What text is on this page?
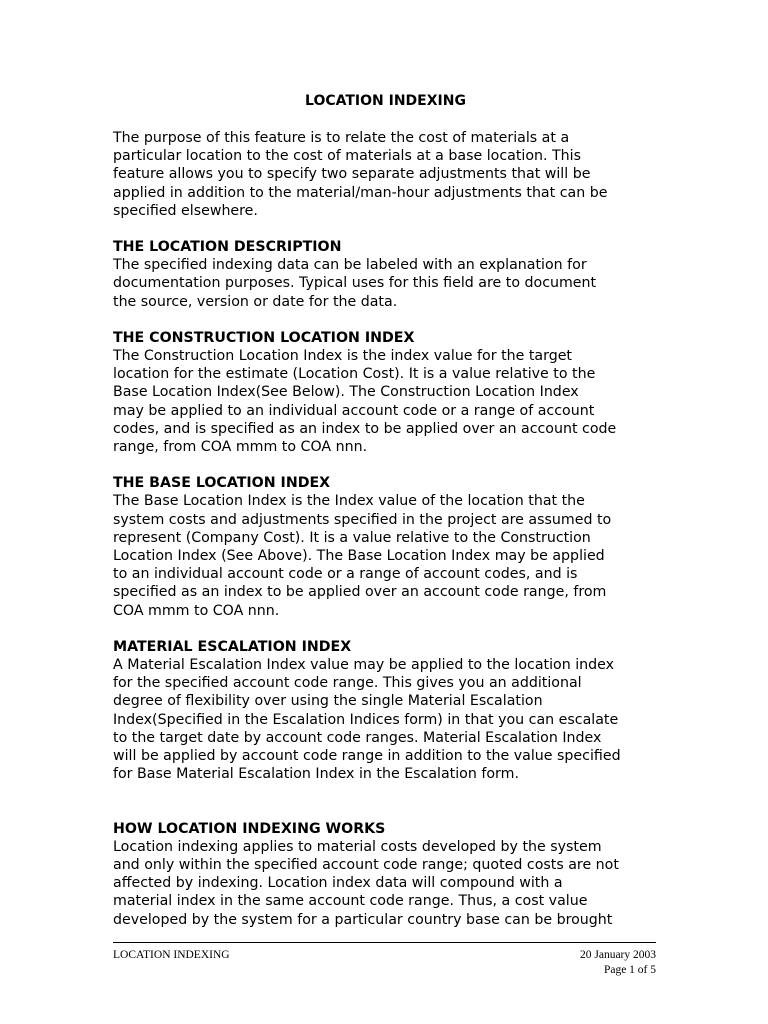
LOCATION INDEXING
The purpose of this feature is to relate the cost of materials at a
particular location to the cost of materials at a base location. This
feature allows you to specify two separate adjustments that will be
applied in addition to the material/man-hour adjustments that can be
specified elsewhere.
THE LOCATION DESCRIPTION
The specified indexing data can be labeled with an explanation for
documentation purposes. Typical uses for this field are to document
the source, version or date for the data.
THE CONSTRUCTION LOCATION INDEX
The Construction Location Index is the index value for the target
location for the estimate (Location Cost). It is a value relative to the
Base Location Index(See Below). The Construction Location Index
may be applied to an individual account code or a range of account
codes, and is specified as an index to be applied over an account code
range, from COA mmm to COA nnn.
THE BASE LOCATION INDEX
The Base Location Index is the Index value of the location that the
system costs and adjustments specified in the project are assumed to
represent (Company Cost). It is a value relative to the Construction
Location Index (See Above). The Base Location Index may be applied
to an individual account code or a range of account codes, and is
specified as an index to be applied over an account code range, from
COA mmm to COA nnn.
MATERIAL ESCALATION INDEX
A Material Escalation Index value may be applied to the location index
for the specified account code range. This gives you an additional
degree of flexibility over using the single Material Escalation
Index(Specified in the Escalation Indices form) in that you can escalate
to the target date by account code ranges. Material Escalation Index
will be applied by account code range in addition to the value specified
for Base Material Escalation Index in the Escalation form.
HOW LOCATION INDEXING WORKS
Location indexing applies to material costs developed by the system
and only within the specified account code range; quoted costs are not
affected by indexing. Location index data will compound with a
material index in the same account code range. Thus, a cost value
developed by the system for a particular country base can be brought
LOCATION INDEXING	20 January 2003
Page 1 of 5
